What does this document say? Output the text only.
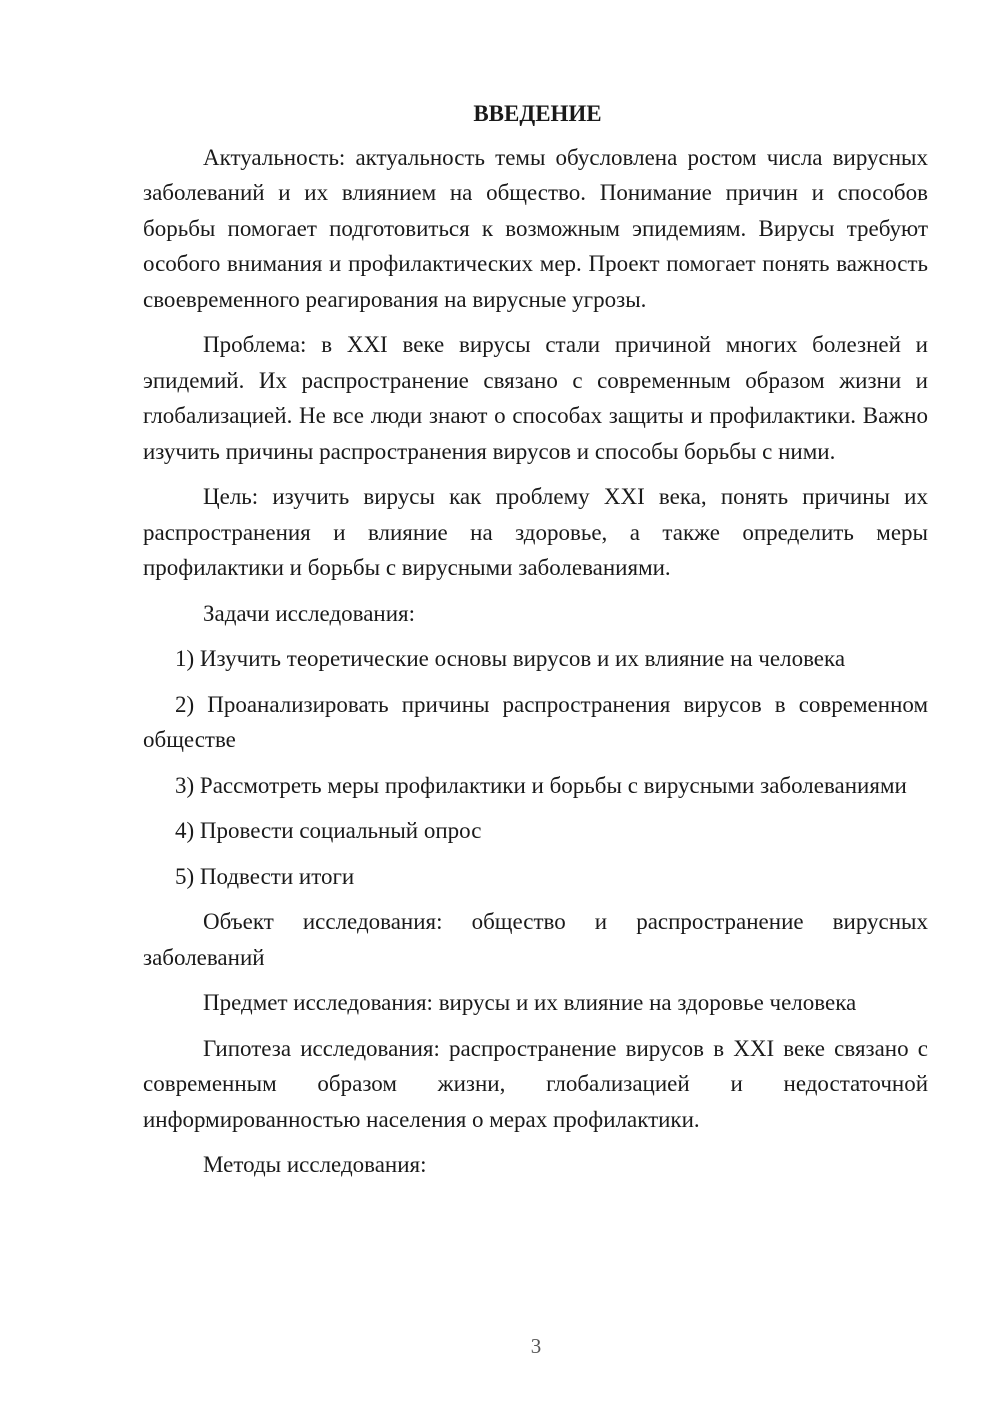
ВВЕДЕНИЕ

Актуальность: актуальность темы обусловлена ростом числа вирусных заболеваний и их влиянием на общество. Понимание причин и способов борьбы помогает подготовиться к возможным эпидемиям. Вирусы требуют особого внимания и профилактических мер. Проект помогает понять важность своевременного реагирования на вирусные угрозы.

Проблема: в XXI веке вирусы стали причиной многих болезней и эпидемий. Их распространение связано с современным образом жизни и глобализацией. Не все люди знают о способах защиты и профилактики. Важно изучить причины распространения вирусов и способы борьбы с ними.

Цель: изучить вирусы как проблему XXI века, понять причины их распространения и влияние на здоровье, а также определить меры профилактики и борьбы с вирусными заболеваниями.

Задачи исследования:

1) Изучить теоретические основы вирусов и их влияние на человека

2) Проанализировать причины распространения вирусов в современном обществе

3) Рассмотреть меры профилактики и борьбы с вирусными заболеваниями

4) Провести социальный опрос

5) Подвести итоги

Объект исследования: общество и распространение вирусных заболеваний

Предмет исследования: вирусы и их влияние на здоровье человека

Гипотеза исследования: распространение вирусов в XXI веке связано с современным образом жизни, глобализацией и недостаточной информированностью населения о мерах профилактики.

Методы исследования:

3
